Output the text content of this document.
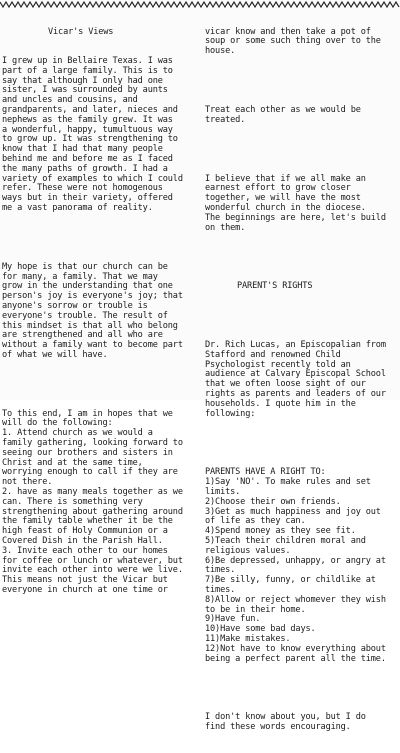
Vicar's Views

I grew up in Bellaire Texas. I was
part of a large family. This is to
say that although I only had one
sister, I was surrounded by aunts
and uncles and cousins, and
grandparents, and later, nieces and
nephews as the family grew. It was
a wonderful, happy, tumultuous way
to grow up. It was strengthening to
know that I had that many people
behind me and before me as I faced
the many paths of growth. I had a
variety of examples to which I could
refer. These were not homogenous
ways but in their variety, offered
me a vast panorama of reality.

My hope is that our church can be
for many, a family. That we may
grow in the understanding that one
person's joy is everyone's joy; that
anyone's sorrow or trouble is
everyone's trouble. The result of
this mindset is that all who belong
are strengthened and all who are
without a family want to become part
of what we will have.

To this end, I am in hopes that we
will do the following:
1. Attend church as we would a
family gathering, looking forward to
seeing our brothers and sisters in
Christ and at the same time,
worrying enough to call if they are
not there.
2. have as many meals together as we
can. There is something very
strengthening about gathering around
the family table whether it be the
high feast of Holy Communion or a
Covered Dish in the Parish Hall.
3. Invite each other to our homes
for coffee or lunch or whatever, but
invite each other into were we live.
This means not just the Vicar but
everyone in church at one time or

vicar know and then take a pot of
soup or some such thing over to the
house.

Treat each other as we would be
treated.

I believe that if we all make an
earnest effort to grow closer
together, we will have the most
wonderful church in the diocese.
The beginnings are here, let's build
on them.

PARENT'S RIGHTS

Dr. Rich Lucas, an Episcopalian from
Stafford and renowned Child
Psychologist recently told an
audience at Calvary Episcopal School
that we often loose sight of our
rights as parents and leaders of our
households. I quote him in the
following:

PARENTS HAVE A RIGHT TO:
1)Say 'NO'. To make rules and set
limits.
2)Choose their own friends.
3)Get as much happiness and joy out
of life as they can.
4)Spend money as they see fit.
5)Teach their children moral and
religious values.
6)Be depressed, unhappy, or angry at
times.
7)Be silly, funny, or childlike at
times.
8)Allow or reject whomever they wish
to be in their home.
9)Have fun.
10)Have some bad days.
11)Make mistakes.
12)Not have to know everything about
being a perfect parent all the time.

I don't know about you, but I do
find these words encouraging.
